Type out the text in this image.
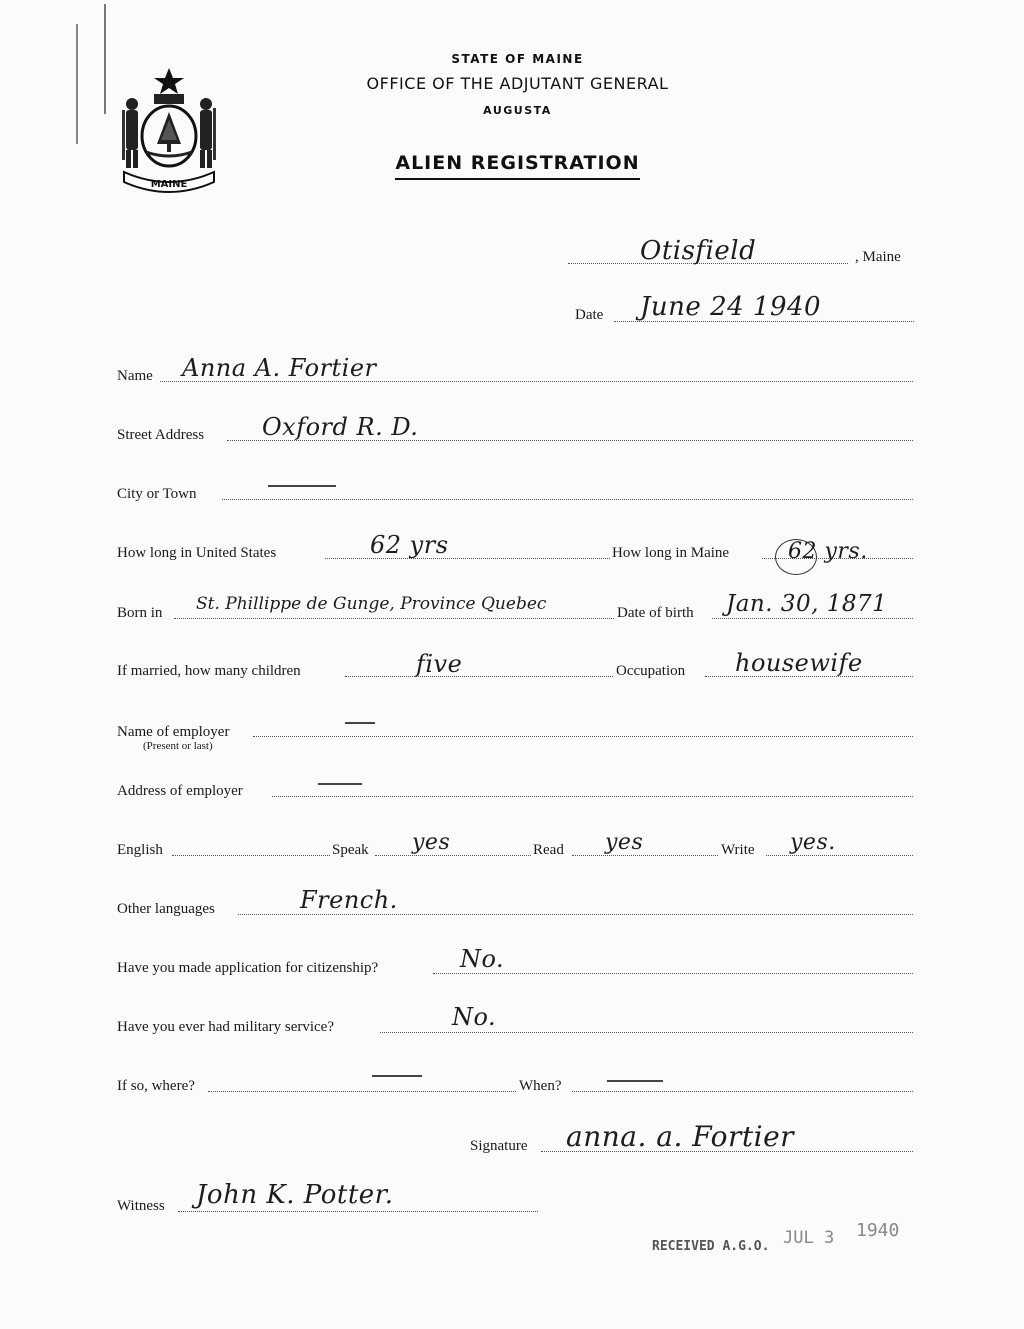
MAINE
STATE OF MAINE
OFFICE OF THE ADJUTANT GENERAL
AUGUSTA
ALIEN REGISTRATION
Otisfield	, Maine
Date June 24 1940
Name Anna A. Fortier
Street Address Oxford R. D.
City or Town
How long in United States	62 yrs	How long in Maine	62 yrs.
Born in St. Phillippe de Gunge, Province Quebec	Date of birth Jan. 30, 1871
If married, how many children	five	Occupation housewife
Name of employer
(Present or last)
Address of employer
English	Speak yes	Read yes	Write yes.
Other languages	French.
Have you made application for citizenship?	No.
Have you ever had military service?	No.
If so, where?	When?
Signature anna. a. Fortier
Witness John K. Potter.
RECEIVED A.G.O. JUL 3 1940
